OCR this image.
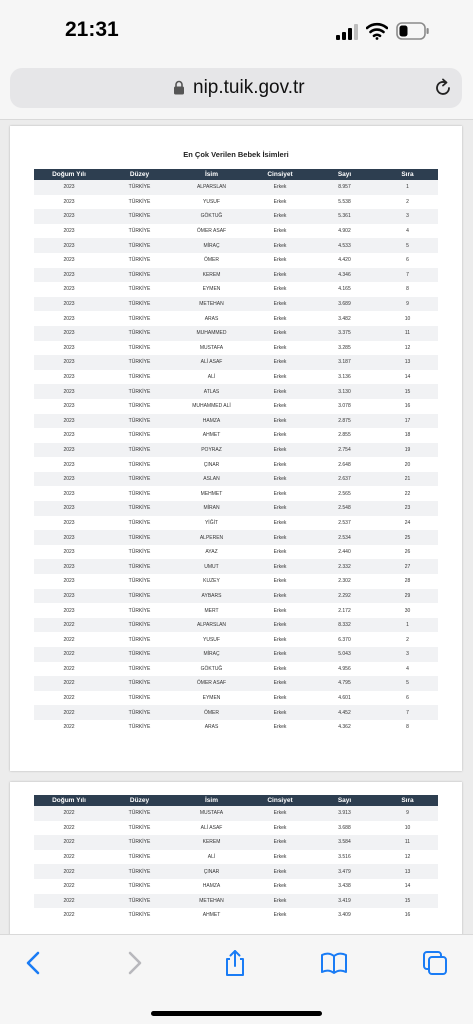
21:31
nip.tuik.gov.tr
En Çok Verilen Bebek İsimleri
Doğum Yılı	Düzey	İsim	Cinsiyet	Sayı	Sıra
2023	TÜRKİYE	ALPARSLAN	Erkek	8.957	1
2023	TÜRKİYE	YUSUF	Erkek	5.538	2
2023	TÜRKİYE	GÖKTUĞ	Erkek	5.361	3
2023	TÜRKİYE	ÖMER ASAF	Erkek	4.902	4
2023	TÜRKİYE	MİRAÇ	Erkek	4.533	5
2023	TÜRKİYE	ÖMER	Erkek	4.420	6
2023	TÜRKİYE	KEREM	Erkek	4.346	7
2023	TÜRKİYE	EYMEN	Erkek	4.165	8
2023	TÜRKİYE	METEHAN	Erkek	3.689	9
2023	TÜRKİYE	ARAS	Erkek	3.482	10
2023	TÜRKİYE	MUHAMMED	Erkek	3.375	11
2023	TÜRKİYE	MUSTAFA	Erkek	3.285	12
2023	TÜRKİYE	ALİ ASAF	Erkek	3.187	13
2023	TÜRKİYE	ALİ	Erkek	3.136	14
2023	TÜRKİYE	ATLAS	Erkek	3.130	15
2023	TÜRKİYE	MUHAMMED ALİ	Erkek	3.078	16
2023	TÜRKİYE	HAMZA	Erkek	2.875	17
2023	TÜRKİYE	AHMET	Erkek	2.855	18
2023	TÜRKİYE	POYRAZ	Erkek	2.754	19
2023	TÜRKİYE	ÇINAR	Erkek	2.648	20
2023	TÜRKİYE	ASLAN	Erkek	2.637	21
2023	TÜRKİYE	MEHMET	Erkek	2.565	22
2023	TÜRKİYE	MİRAN	Erkek	2.548	23
2023	TÜRKİYE	YİĞİT	Erkek	2.537	24
2023	TÜRKİYE	ALPEREN	Erkek	2.534	25
2023	TÜRKİYE	AYAZ	Erkek	2.440	26
2023	TÜRKİYE	UMUT	Erkek	2.332	27
2023	TÜRKİYE	KUZEY	Erkek	2.302	28
2023	TÜRKİYE	AYBARS	Erkek	2.292	29
2023	TÜRKİYE	MERT	Erkek	2.172	30
2022	TÜRKİYE	ALPARSLAN	Erkek	8.332	1
2022	TÜRKİYE	YUSUF	Erkek	6.370	2
2022	TÜRKİYE	MİRAÇ	Erkek	5.043	3
2022	TÜRKİYE	GÖKTUĞ	Erkek	4.956	4
2022	TÜRKİYE	ÖMER ASAF	Erkek	4.795	5
2022	TÜRKİYE	EYMEN	Erkek	4.601	6
2022	TÜRKİYE	ÖMER	Erkek	4.452	7
2022	TÜRKİYE	ARAS	Erkek	4.362	8
Doğum Yılı	Düzey	İsim	Cinsiyet	Sayı	Sıra
2022	TÜRKİYE	MUSTAFA	Erkek	3.913	9
2022	TÜRKİYE	ALİ ASAF	Erkek	3.688	10
2022	TÜRKİYE	KEREM	Erkek	3.584	11
2022	TÜRKİYE	ALİ	Erkek	3.516	12
2022	TÜRKİYE	ÇINAR	Erkek	3.479	13
2022	TÜRKİYE	HAMZA	Erkek	3.438	14
2022	TÜRKİYE	METEHAN	Erkek	3.419	15
2022	TÜRKİYE	AHMET	Erkek	3.409	16
